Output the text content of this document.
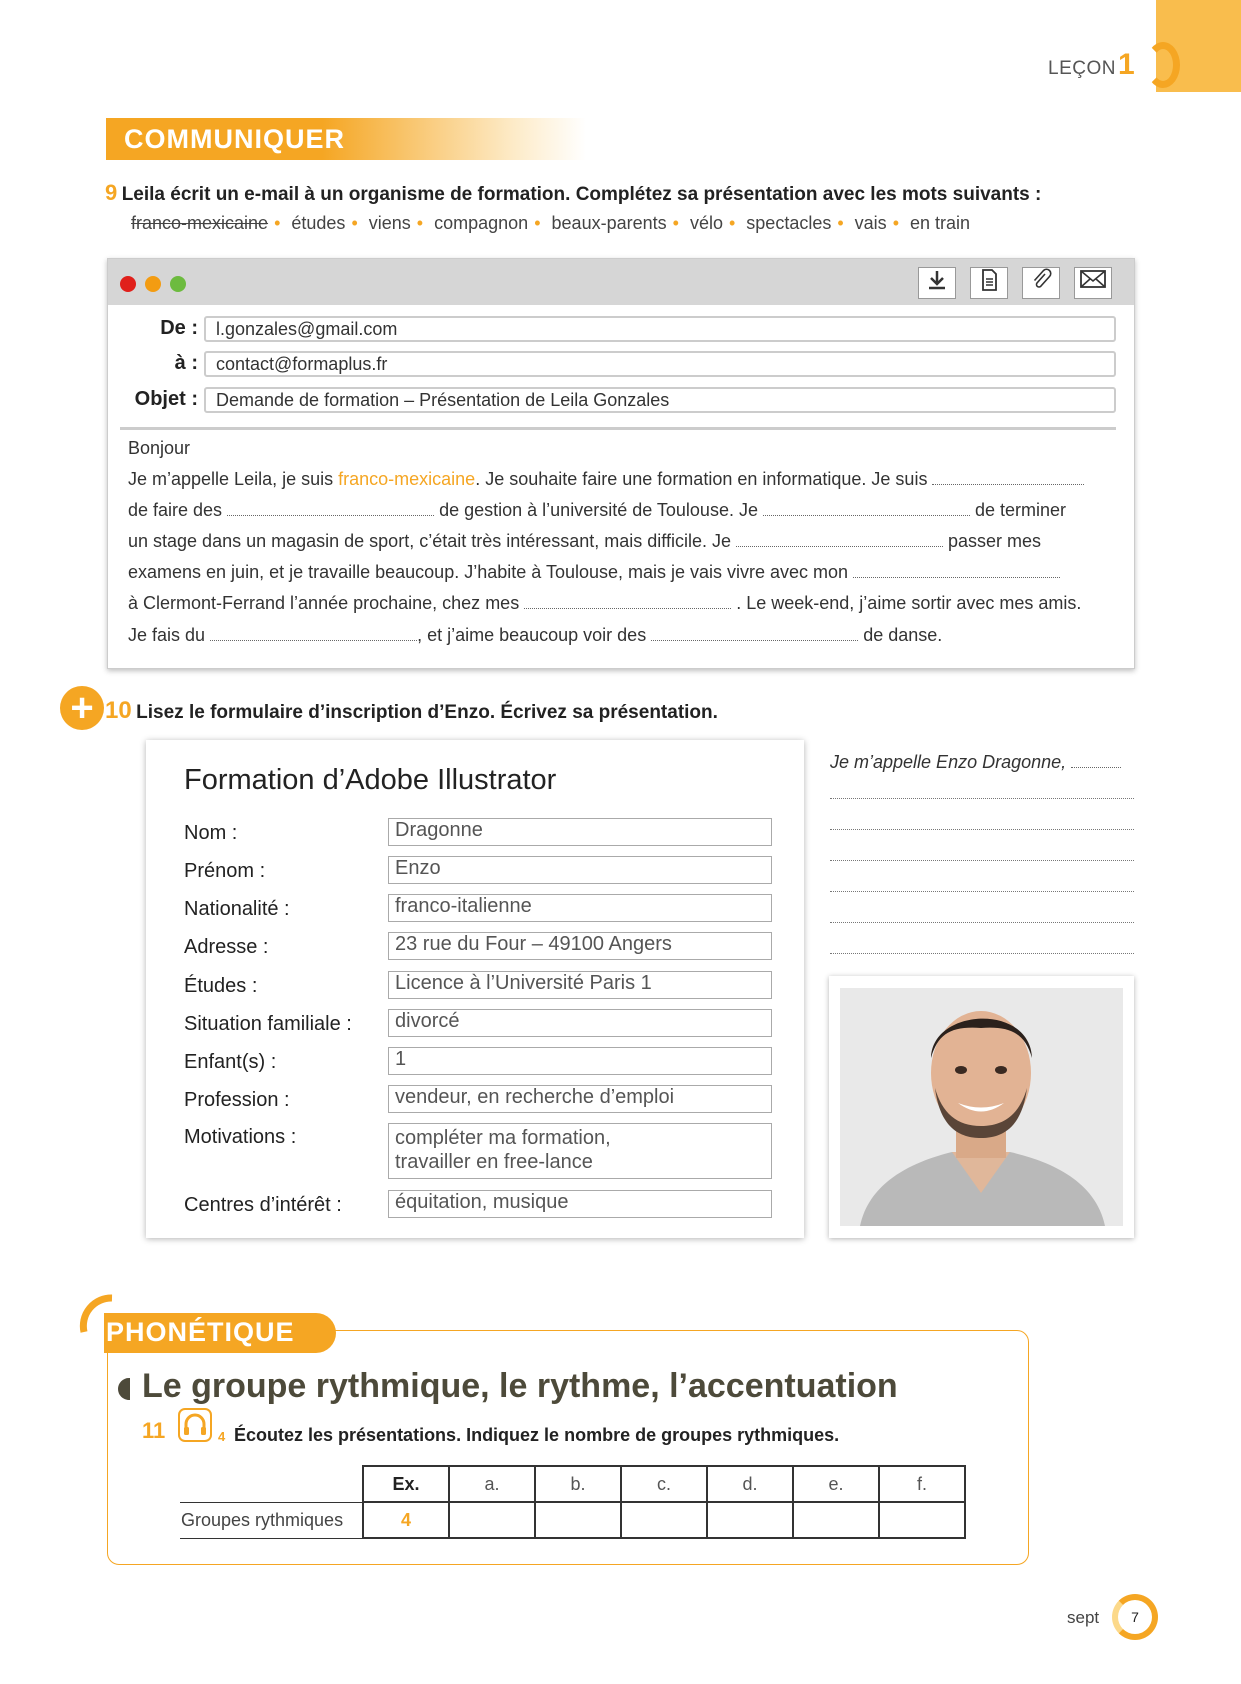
LEÇON 1
COMMUNIQUER
9 Leila écrit un e-mail à un organisme de formation. Complétez sa présentation avec les mots suivants :
franco-mexicaine • études • viens • compagnon • beaux-parents • vélo • spectacles • vais • en train
De :	l.gonzales@gmail.com
à :	contact@formaplus.fr
Objet :	Demande de formation – Présentation de Leila Gonzales
Bonjour
Je m’appelle Leila, je suis franco-mexicaine. Je souhaite faire une formation en informatique. Je suis
de faire des	de gestion à l’université de Toulouse. Je	de terminer
un stage dans un magasin de sport, c’était très intéressant, mais difficile. Je	passer mes
examens en juin, et je travaille beaucoup. J’habite à Toulouse, mais je vais vivre avec mon
à Clermont-Ferrand l’année prochaine, chez mes	. Le week-end, j’aime sortir avec mes amis.
Je fais du	, et j’aime beaucoup voir des	de danse.
+ 10 Lisez le formulaire d’inscription d’Enzo. Écrivez sa présentation.
Formation d’Adobe Illustrator
Nom :	Dragonne
Prénom :	Enzo
Nationalité :	franco-italienne
Adresse :	23 rue du Four – 49100 Angers
Études :	Licence à l’Université Paris 1
Situation familiale :	divorcé
Enfant(s) :	1
Profession :	vendeur, en recherche d’emploi
Motivations :	compléter ma formation,
travailler en free-lance
Centres d’intérêt :	équitation, musique
Je m’appelle Enzo Dragonne,
PHONÉTIQUE
Le groupe rythmique, le rythme, l’accentuation
11	4 Écoutez les présentations. Indiquez le nombre de groupes rythmiques.
	Ex.	a.	b.	c.	d.	e.	f.
Groupes rythmiques	4						
sept	7
